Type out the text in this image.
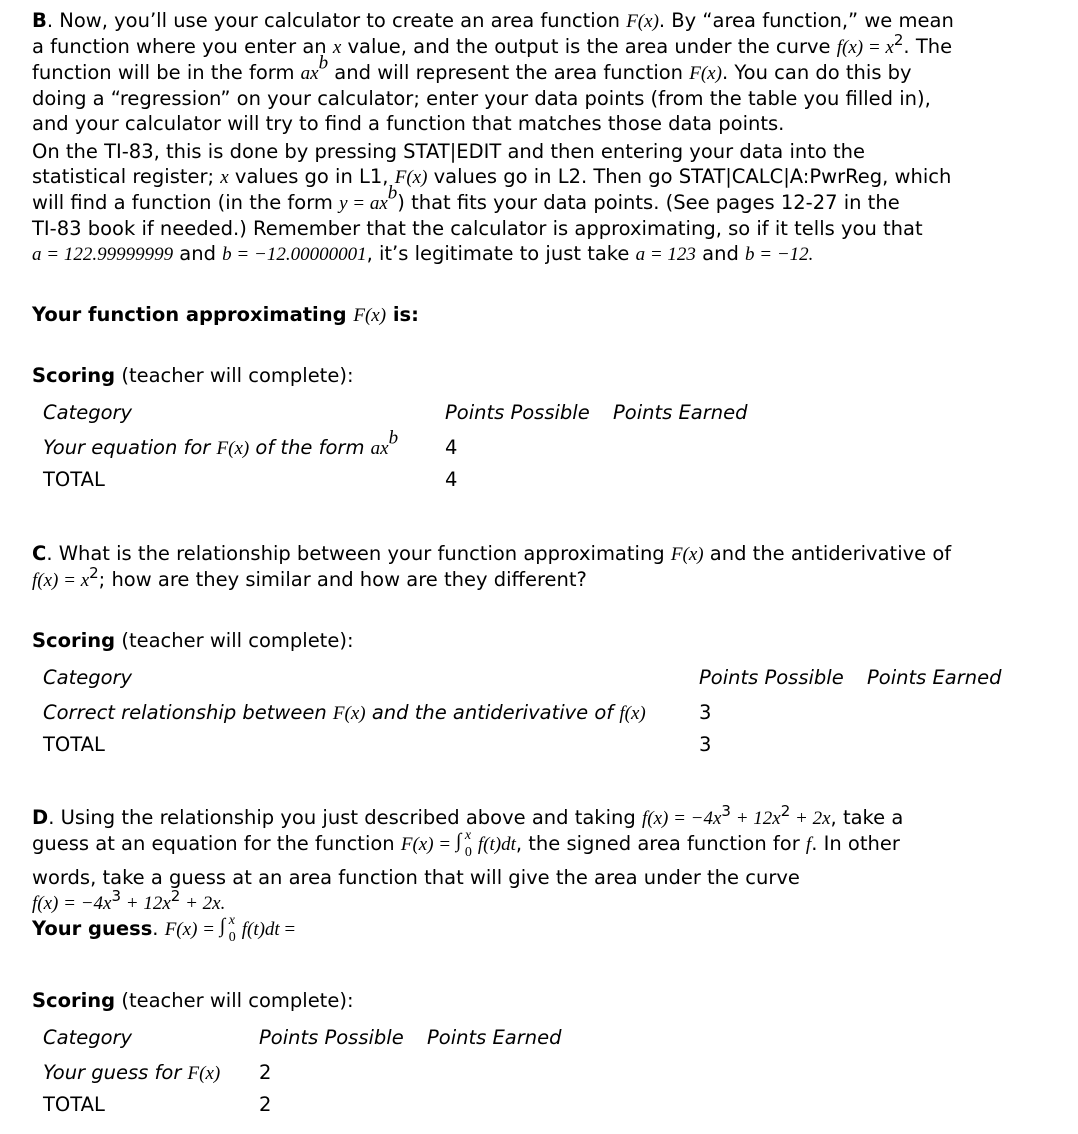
B. Now, you’ll use your calculator to create an area function F(x). By “area function,” we mean

a function where you enter an x value, and the output is the area under the curve $f(x) = x^2$. The

function will be in the form $ax^b$ and will represent the area function F(x). You can do this by

doing a “regression” on your calculator; enter your data points (from the table you filled in),

and your calculator will try to find a function that matches those data points.

On the TI-83, this is done by pressing STAT|EDIT and then entering your data into the

statistical register; x values go in L1, F(x) values go in L2. Then go STAT|CALC|A:PwrReg, which

will find a function (in the form $y = ax^b$) that fits your data points. (See pages 12-27 in the

TI-83 book if needed.) Remember that the calculator is approximating, so if it tells you that

a = 122.99999999 and b = −12.00000001, it’s legitimate to just take a = 123 and b = −12.

Your function approximating F(x) is:

Scoring (teacher will complete):

Category	Points Possible Points Earned
Your equation for F(x) of the form $ax^b$ 4
TOTAL	4

C. What is the relationship between your function approximating F(x) and the antiderivative of

$f(x) = x^2$; how are they similar and how are they different?

Scoring (teacher will complete):

Category	Points Possible Points Earned
Correct relationship between F(x) and the antiderivative of f(x)	3
TOTAL	3

D. Using the relationship you just described above and taking $f(x) = -4x^3 + 12x^2 + 2x$, take a

guess at an equation for the function F(x) = ∫ x
0 f(t)dt, the signed area function for f. In other

words, take a guess at an area function that will give the area under the curve

$f(x) = -4x^3 + 12x^2 + 2x$.

Your guess. F(x) = ∫ x
0 f(t)dt =

Scoring (teacher will complete):

Category	Points Possible Points Earned
Your guess for F(x) 2
TOTAL	2
